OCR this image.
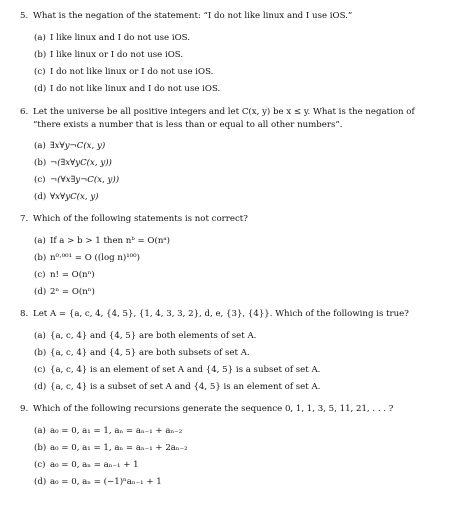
5. What is the negation of the statement: “I do not like linux and I use iOS.”
(a) I like linux and I do not use iOS.
(b) I like linux or I do not use iOS.
(c) I do not like linux or I do not use iOS.
(d) I do not like linux and I do not use iOS.
6. Let the universe be all positive integers and let C(x, y) be x ≤ y. What is the negation of
“there exists a number that is less than or equal to all other numbers”.
(a) ∃x∀y¬C(x, y)
(b) ¬(∃x∀yC(x, y))
(c) ¬(∀x∃y¬C(x, y))
(d) ∀x∀yC(x, y)
7. Which of the following statements is not correct?
(a) If a > b > 1 then nᵇ = O(nᵃ)
(b) n⁰·⁰⁰¹ = O ((log n)¹⁰⁰)
(c) n! = O(nⁿ)
(d) 2ⁿ = O(nⁿ)
8. Let A = {a, c, 4, {4, 5}, {1, 4, 3, 3, 2}, d, e, {3}, {4}}. Which of the following is true?
(a) {a, c, 4} and {4, 5} are both elements of set A.
(b) {a, c, 4} and {4, 5} are both subsets of set A.
(c) {a, c, 4} is an element of set A and {4, 5} is a subset of set A.
(d) {a, c, 4} is a subset of set A and {4, 5} is an element of set A.
9. Which of the following recursions generate the sequence 0, 1, 1, 3, 5, 11, 21, . . . ?
(a) a₀ = 0, a₁ = 1, aₙ = aₙ₋₁ + aₙ₋₂
(b) a₀ = 0, a₁ = 1, aₙ = aₙ₋₁ + 2aₙ₋₂
(c) a₀ = 0, aₙ = aₙ₋₁ + 1
(d) a₀ = 0, aₙ = (−1)ⁿaₙ₋₁ + 1
